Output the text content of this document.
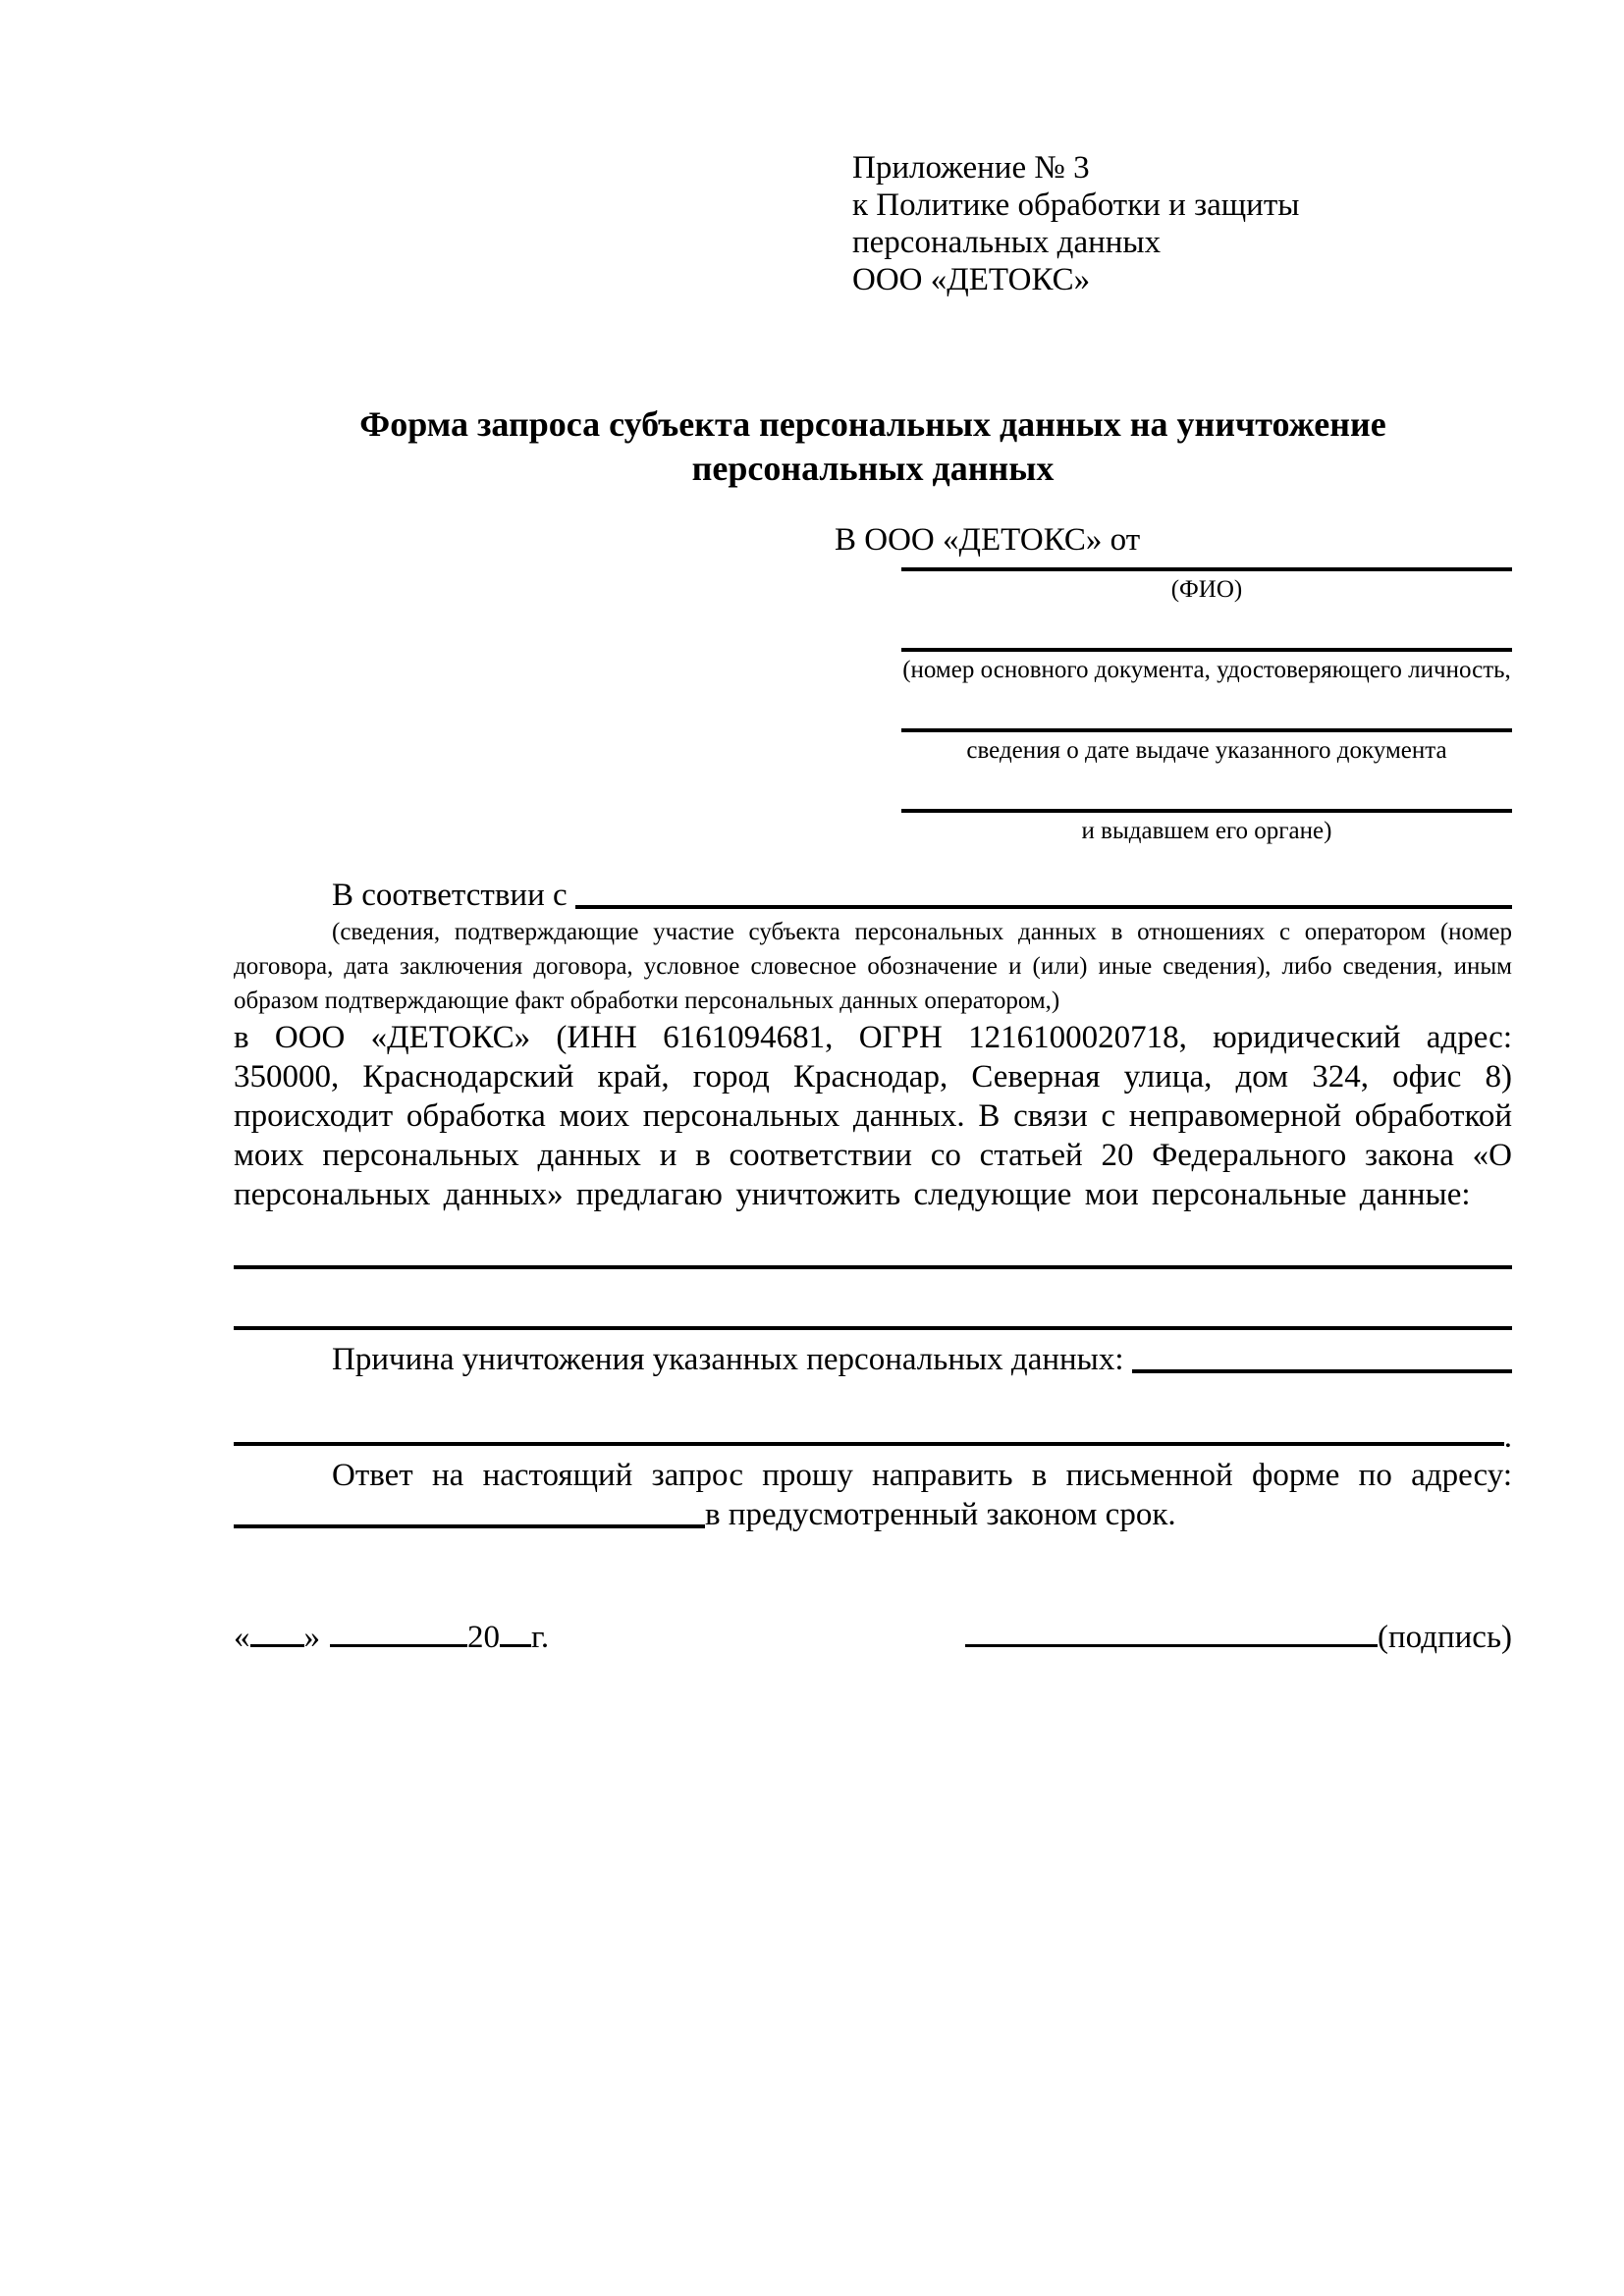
Приложение № 3
к Политике обработки и защиты
персональных данных
ООО «ДЕТОКС»
Форма запроса субъекта персональных данных на уничтожение
персональных данных
В ООО «ДЕТОКС» от
(ФИО)
(номер основного документа, удостоверяющего личность,
сведения о дате выдаче указанного документа
и выдавшем его органе)
В соответствии с
(сведения, подтверждающие участие субъекта персональных данных в отношениях с оператором (номер договора, дата заключения договора, условное словесное обозначение и (или) иные сведения), либо сведения, иным образом подтверждающие факт обработки персональных данных оператором,)
в ООО «ДЕТОКС» (ИНН 6161094681, ОГРН 1216100020718, юридический адрес: 350000, Краснодарский край, город Краснодар, Северная улица, дом 324, офис 8) происходит обработка моих персональных данных. В связи с неправомерной обработкой моих персональных данных и в соответствии со статьей 20 Федерального закона «О персональных данных» предлагаю уничтожить следующие мои персональные данные:
Причина уничтожения указанных персональных данных:
.
Ответ на настоящий запрос прошу направить в письменной форме по адресу:
в предусмотренный законом срок.
« »	20 г.	(подпись)
